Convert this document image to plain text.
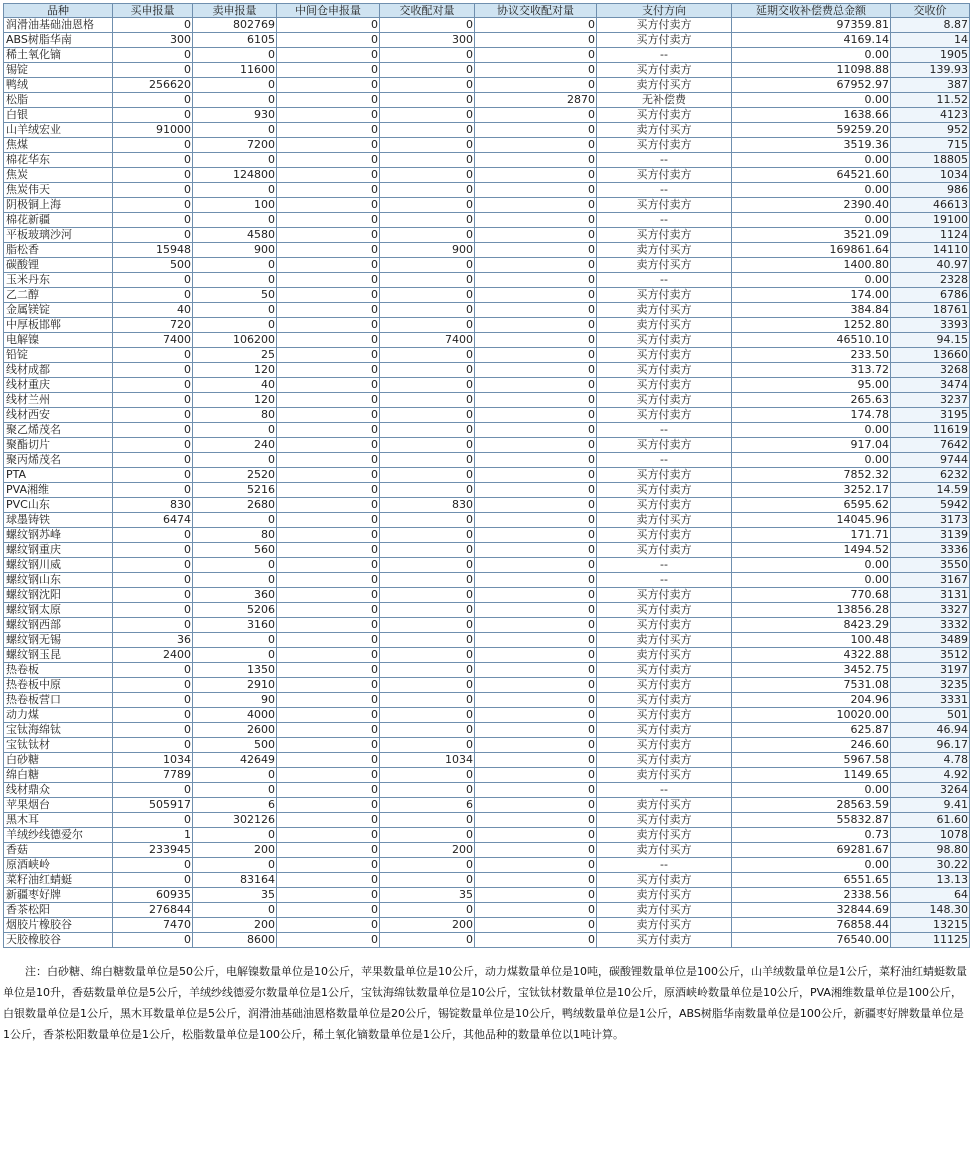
品种	买申报量	卖申报量	中间仓申报量	交收配对量	协议交收配对量	支付方向	延期交收补偿费总金额	交收价
润滑油基础油恩格	0	802769	0	0	0	买方付卖方	97359.81	8.87
ABS树脂华南	300	6105	0	300	0	买方付卖方	4169.14	14
稀土氧化镝	0	0	0	0	0	--	0.00	1905
锡锭	0	11600	0	0	0	买方付卖方	11098.88	139.93
鸭绒	256620	0	0	0	0	卖方付买方	67952.97	387
松脂	0	0	0	0	2870	无补偿费	0.00	11.52
白银	0	930	0	0	0	买方付卖方	1638.66	4123
山羊绒宏业	91000	0	0	0	0	卖方付买方	59259.20	952
焦煤	0	7200	0	0	0	买方付卖方	3519.36	715
棉花华东	0	0	0	0	0	--	0.00	18805
焦炭	0	124800	0	0	0	买方付卖方	64521.60	1034
焦炭伟天	0	0	0	0	0	--	0.00	986
阴极铜上海	0	100	0	0	0	买方付卖方	2390.40	46613
棉花新疆	0	0	0	0	0	--	0.00	19100
平板玻璃沙河	0	4580	0	0	0	买方付卖方	3521.09	1124
脂松香	15948	900	0	900	0	卖方付买方	169861.64	14110
碳酸锂	500	0	0	0	0	卖方付买方	1400.80	40.97
玉米丹东	0	0	0	0	0	--	0.00	2328
乙二醇	0	50	0	0	0	买方付卖方	174.00	6786
金属镁锭	40	0	0	0	0	卖方付买方	384.84	18761
中厚板邯郸	720	0	0	0	0	卖方付买方	1252.80	3393
电解镍	7400	106200	0	7400	0	买方付卖方	46510.10	94.15
铅锭	0	25	0	0	0	买方付卖方	233.50	13660
线材成都	0	120	0	0	0	买方付卖方	313.72	3268
线材重庆	0	40	0	0	0	买方付卖方	95.00	3474
线材兰州	0	120	0	0	0	买方付卖方	265.63	3237
线材西安	0	80	0	0	0	买方付卖方	174.78	3195
聚乙烯茂名	0	0	0	0	0	--	0.00	11619
聚酯切片	0	240	0	0	0	买方付卖方	917.04	7642
聚丙烯茂名	0	0	0	0	0	--	0.00	9744
PTA	0	2520	0	0	0	买方付卖方	7852.32	6232
PVA湘维	0	5216	0	0	0	买方付卖方	3252.17	14.59
PVC山东	830	2680	0	830	0	买方付卖方	6595.62	5942
球墨铸铁	6474	0	0	0	0	卖方付买方	14045.96	3173
螺纹钢苏峰	0	80	0	0	0	买方付卖方	171.71	3139
螺纹钢重庆	0	560	0	0	0	买方付卖方	1494.52	3336
螺纹钢川威	0	0	0	0	0	--	0.00	3550
螺纹钢山东	0	0	0	0	0	--	0.00	3167
螺纹钢沈阳	0	360	0	0	0	买方付卖方	770.68	3131
螺纹钢太原	0	5206	0	0	0	买方付卖方	13856.28	3327
螺纹钢西部	0	3160	0	0	0	买方付卖方	8423.29	3332
螺纹钢无锡	36	0	0	0	0	卖方付买方	100.48	3489
螺纹钢玉昆	2400	0	0	0	0	卖方付买方	4322.88	3512
热卷板	0	1350	0	0	0	买方付卖方	3452.75	3197
热卷板中原	0	2910	0	0	0	买方付卖方	7531.08	3235
热卷板营口	0	90	0	0	0	买方付卖方	204.96	3331
动力煤	0	4000	0	0	0	买方付卖方	10020.00	501
宝钛海绵钛	0	2600	0	0	0	买方付卖方	625.87	46.94
宝钛钛材	0	500	0	0	0	买方付卖方	246.60	96.17
白砂糖	1034	42649	0	1034	0	买方付卖方	5967.58	4.78
绵白糖	7789	0	0	0	0	卖方付买方	1149.65	4.92
线材鼎众	0	0	0	0	0	--	0.00	3264
苹果烟台	505917	6	0	6	0	卖方付买方	28563.59	9.41
黑木耳	0	302126	0	0	0	买方付卖方	55832.87	61.60
羊绒纱线德爱尔	1	0	0	0	0	卖方付买方	0.73	1078
香菇	233945	200	0	200	0	卖方付买方	69281.67	98.80
原酒峡岭	0	0	0	0	0	--	0.00	30.22
菜籽油红蜻蜓	0	83164	0	0	0	买方付卖方	6551.65	13.13
新疆枣好牌	60935	35	0	35	0	卖方付买方	2338.56	64
香茶松阳	276844	0	0	0	0	卖方付买方	32844.69	148.30
烟胶片橡胶谷	7470	200	0	200	0	卖方付买方	76858.44	13215
天胶橡胶谷	0	8600	0	0	0	买方付卖方	76540.00	11125
注：白砂糖、绵白糖数量单位是50公斤，电解镍数量单位是10公斤，苹果数量单位是10公斤，动力煤数量单位是10吨，碳酸锂数量单位是100公斤，山羊绒数量单位是1公斤，菜籽油红蜻蜓数量单位是10升，香菇数量单位是5公斤，羊绒纱线德爱尔数量单位是1公斤，宝钛海绵钛数量单位是10公斤，宝钛钛材数量单位是10公斤，原酒峡岭数量单位是10公斤，PVA湘维数量单位是100公斤，白银数量单位是1公斤，黑木耳数量单位是5公斤，润滑油基础油恩格数量单位是20公斤，锡锭数量单位是10公斤，鸭绒数量单位是1公斤，ABS树脂华南数量单位是100公斤，新疆枣好牌数量单位是1公斤，香茶松阳数量单位是1公斤，松脂数量单位是100公斤，稀土氧化镝数量单位是1公斤，其他品种的数量单位以1吨计算。
